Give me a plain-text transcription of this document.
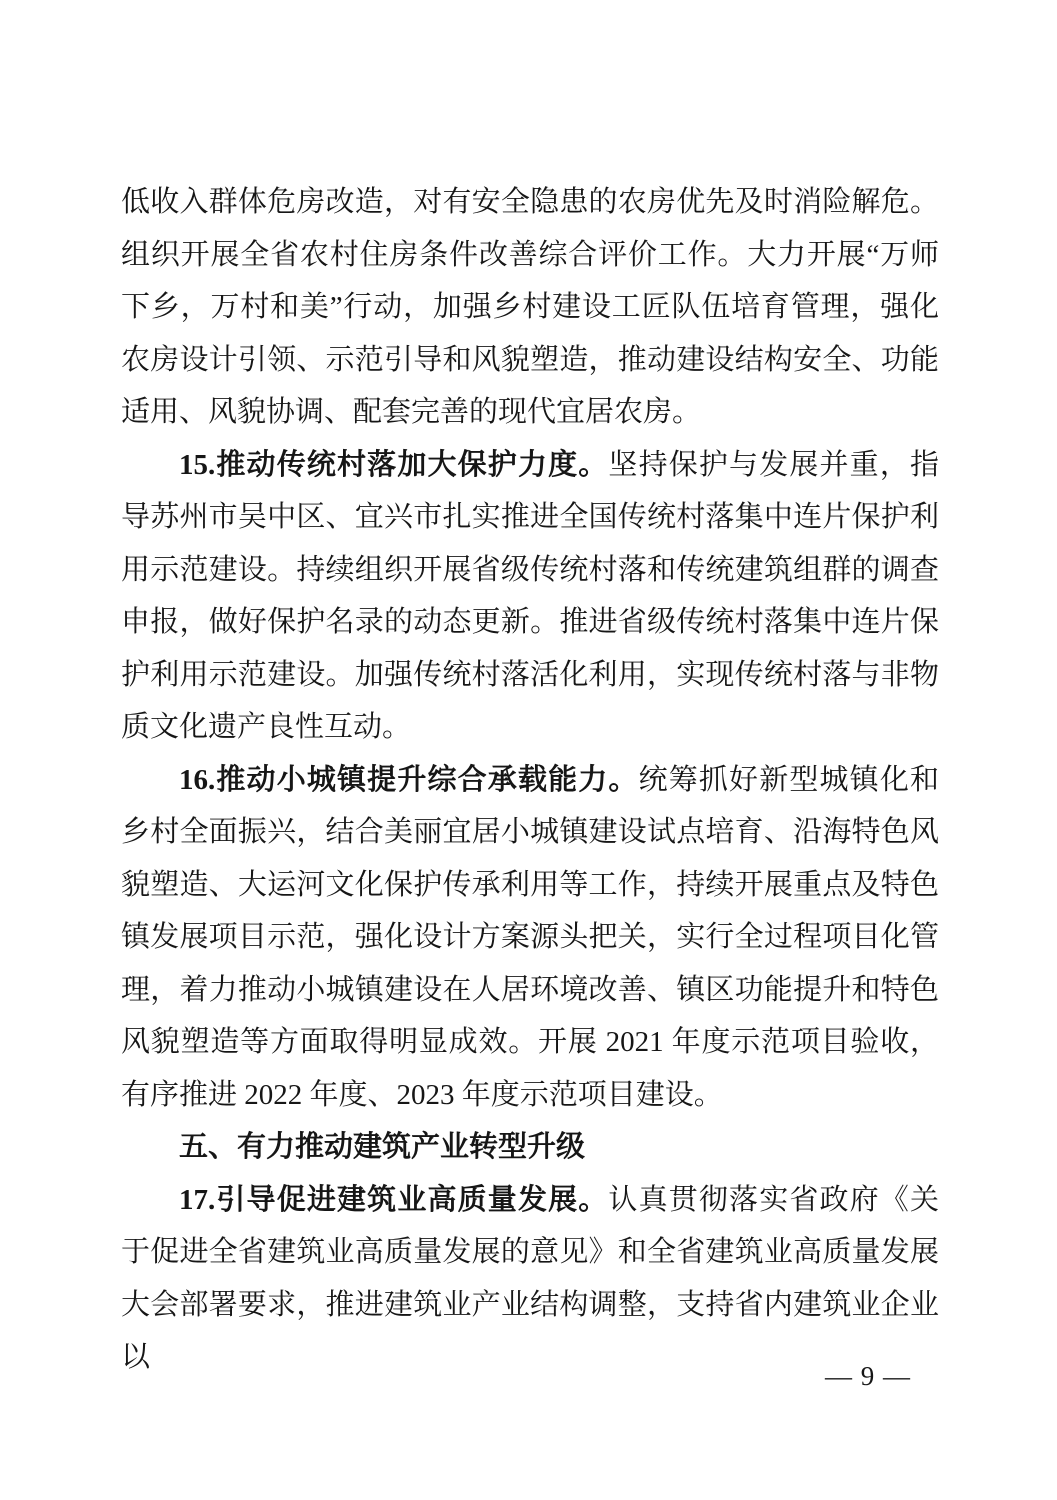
低收入群体危房改造，对有安全隐患的农房优先及时消险解危。组织开展全省农村住房条件改善综合评价工作。大力开展“万师下乡，万村和美”行动，加强乡村建设工匠队伍培育管理，强化农房设计引领、示范引导和风貌塑造，推动建设结构安全、功能适用、风貌协调、配套完善的现代宜居农房。

15.推动传统村落加大保护力度。坚持保护与发展并重，指导苏州市吴中区、宜兴市扎实推进全国传统村落集中连片保护利用示范建设。持续组织开展省级传统村落和传统建筑组群的调查申报，做好保护名录的动态更新。推进省级传统村落集中连片保护利用示范建设。加强传统村落活化利用，实现传统村落与非物质文化遗产良性互动。

16.推动小城镇提升综合承载能力。统筹抓好新型城镇化和乡村全面振兴，结合美丽宜居小城镇建设试点培育、沿海特色风貌塑造、大运河文化保护传承利用等工作，持续开展重点及特色镇发展项目示范，强化设计方案源头把关，实行全过程项目化管理，着力推动小城镇建设在人居环境改善、镇区功能提升和特色风貌塑造等方面取得明显成效。开展 2021 年度示范项目验收，有序推进 2022 年度、2023 年度示范项目建设。

五、有力推动建筑产业转型升级

17.引导促进建筑业高质量发展。认真贯彻落实省政府《关于促进全省建筑业高质量发展的意见》和全省建筑业高质量发展大会部署要求，推进建筑业产业结构调整，支持省内建筑业企业以

— 9 —
